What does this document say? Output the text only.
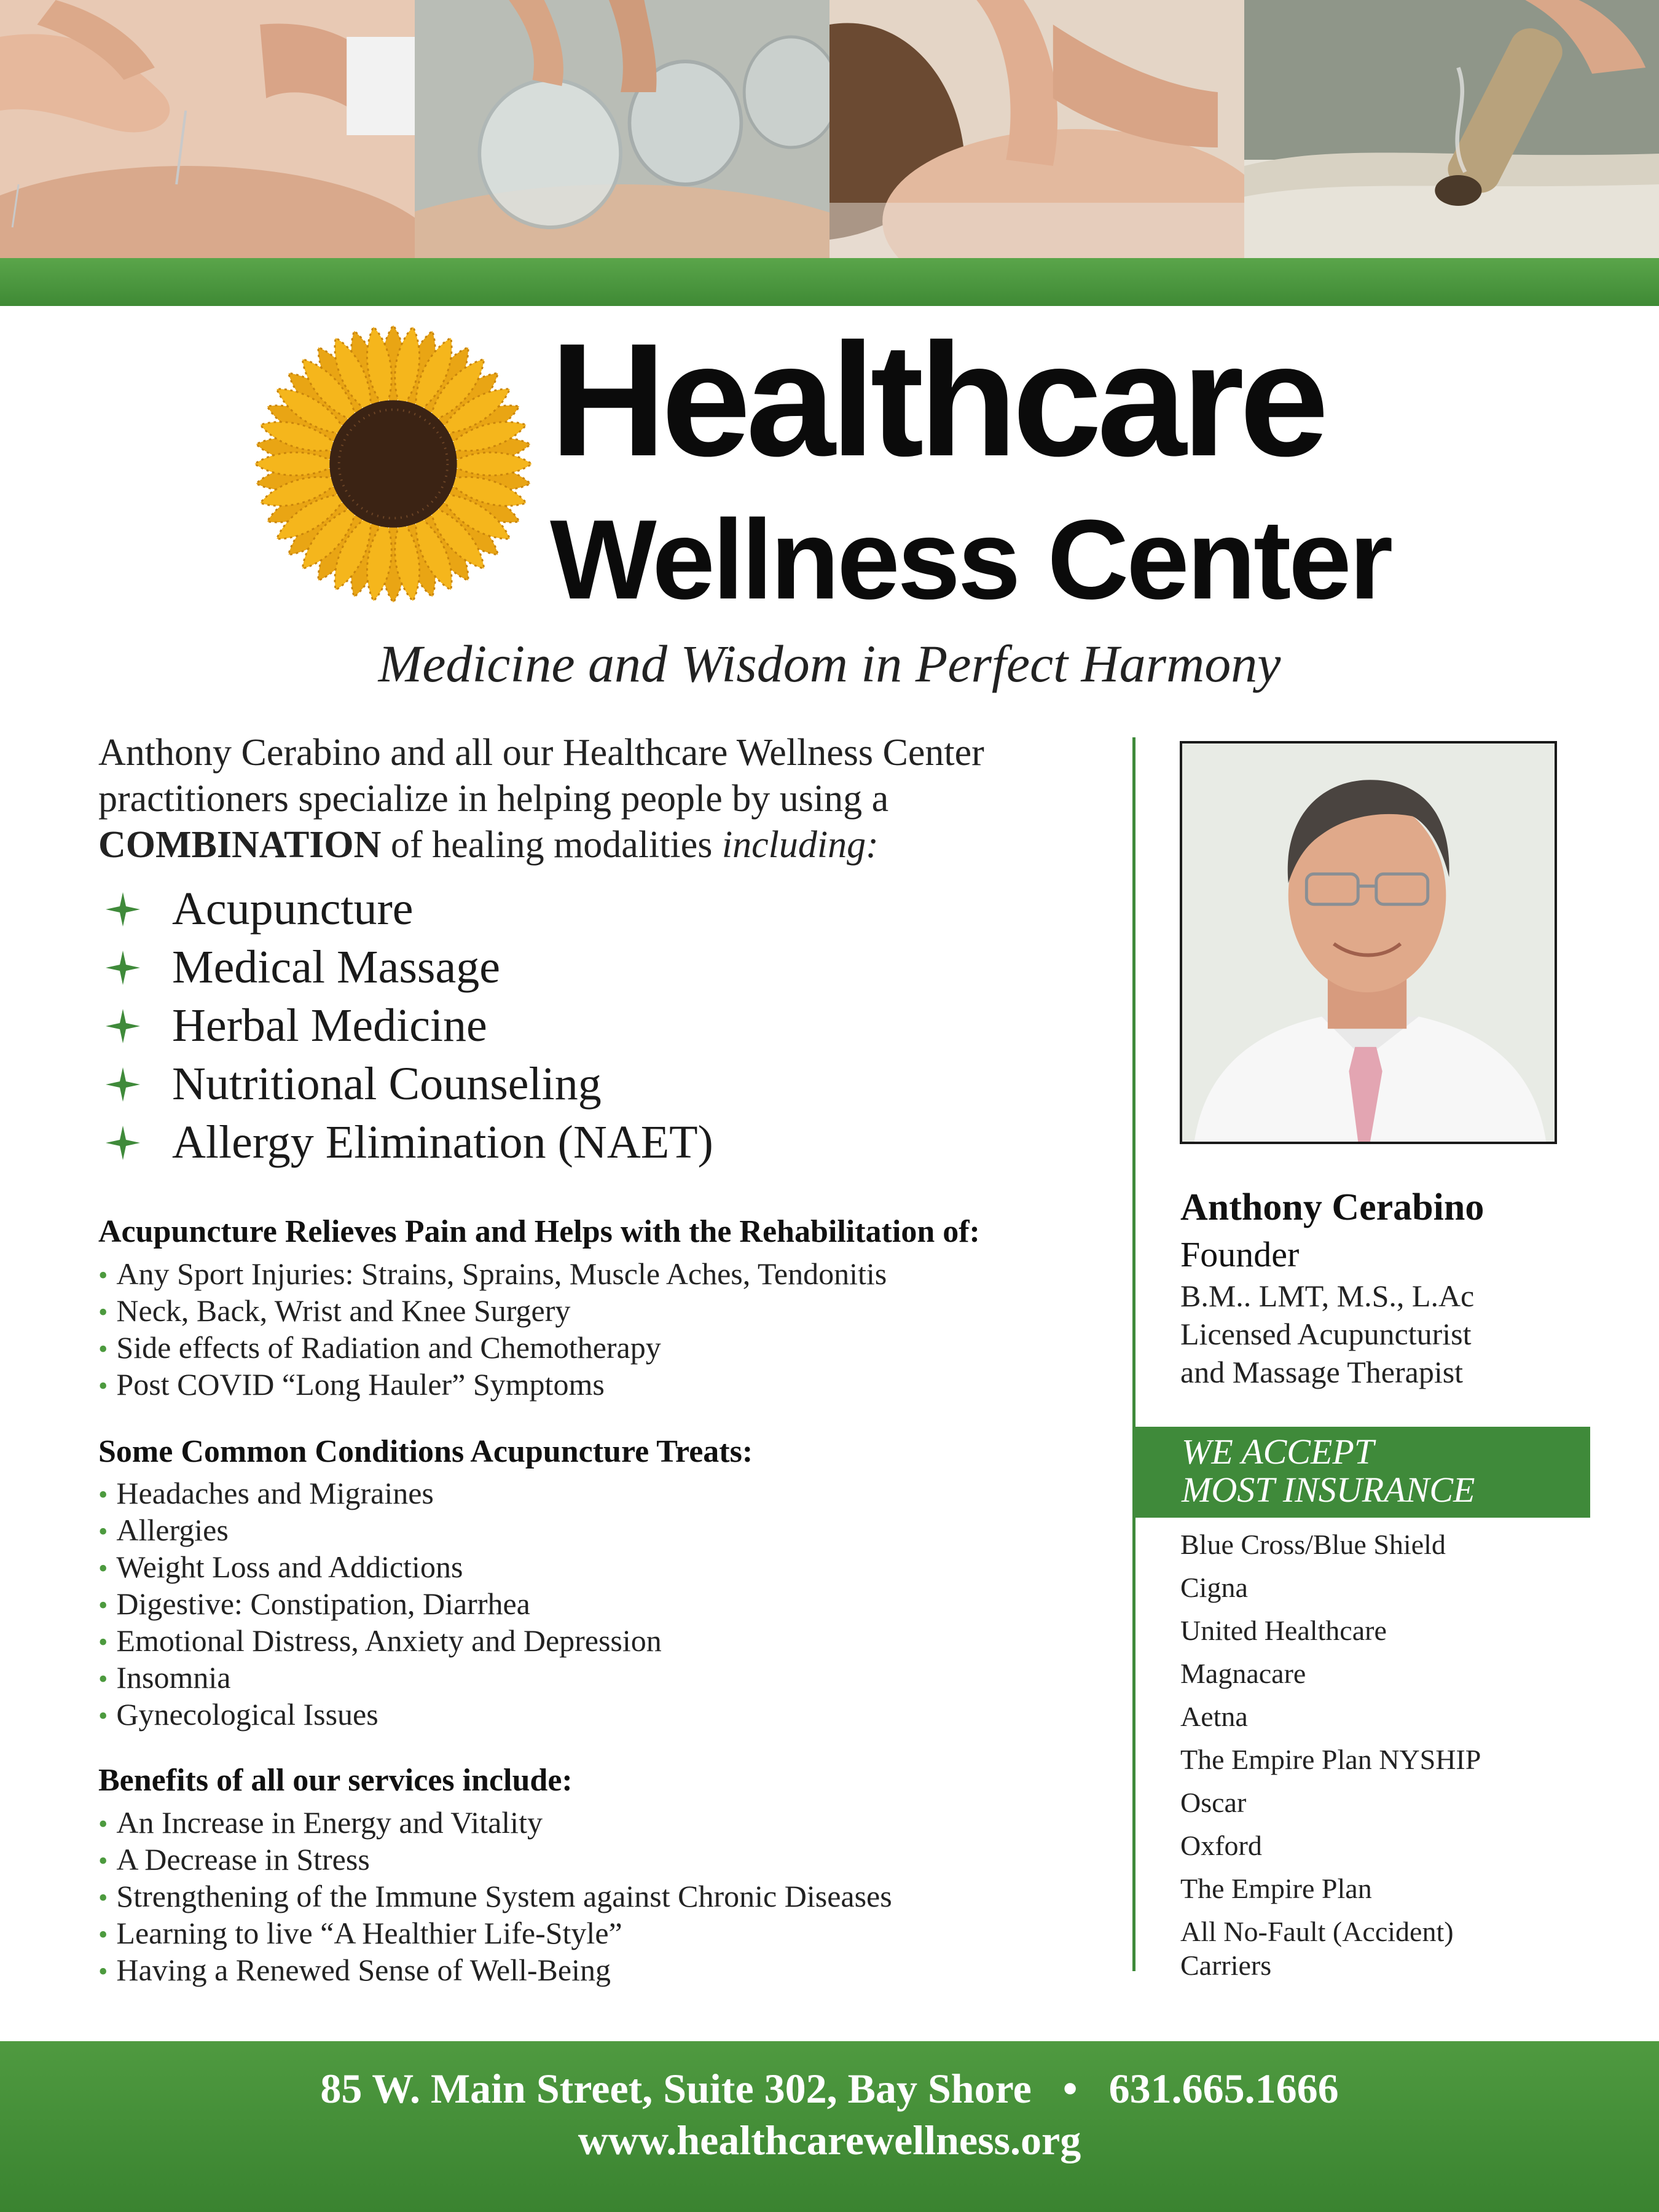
Healthcare
Wellness Center
Medicine and Wisdom in Perfect Harmony
Anthony Cerabino and all our Healthcare Wellness Center practitioners specialize in helping people by using a COMBINATION of healing modalities including:
Acupuncture
Medical Massage
Herbal Medicine
Nutritional Counseling
Allergy Elimination (NAET)
Acupuncture Relieves Pain and Helps with the Rehabilitation of:
• Any Sport Injuries: Strains, Sprains, Muscle Aches, Tendonitis
• Neck, Back, Wrist and Knee Surgery
• Side effects of Radiation and Chemotherapy
• Post COVID “Long Hauler” Symptoms
Some Common Conditions Acupuncture Treats:
• Headaches and Migraines
• Allergies
• Weight Loss and Addictions
• Digestive: Constipation, Diarrhea
• Emotional Distress, Anxiety and Depression
• Insomnia
• Gynecological Issues
Benefits of all our services include:
• An Increase in Energy and Vitality
• A Decrease in Stress
• Strengthening of the Immune System against Chronic Diseases
• Learning to live “A Healthier Life-Style”
• Having a Renewed Sense of Well-Being
Anthony Cerabino
Founder
B.M.. LMT, M.S., L.Ac
Licensed Acupuncturist
and Massage Therapist
WE ACCEPT
MOST INSURANCE
Blue Cross/Blue Shield
Cigna
United Healthcare
Magnacare
Aetna
The Empire Plan NYSHIP
Oscar
Oxford
The Empire Plan
All No-Fault (Accident)
Carriers
85 W. Main Street, Suite 302, Bay Shore • 631.665.1666
www.healthcarewellness.org
